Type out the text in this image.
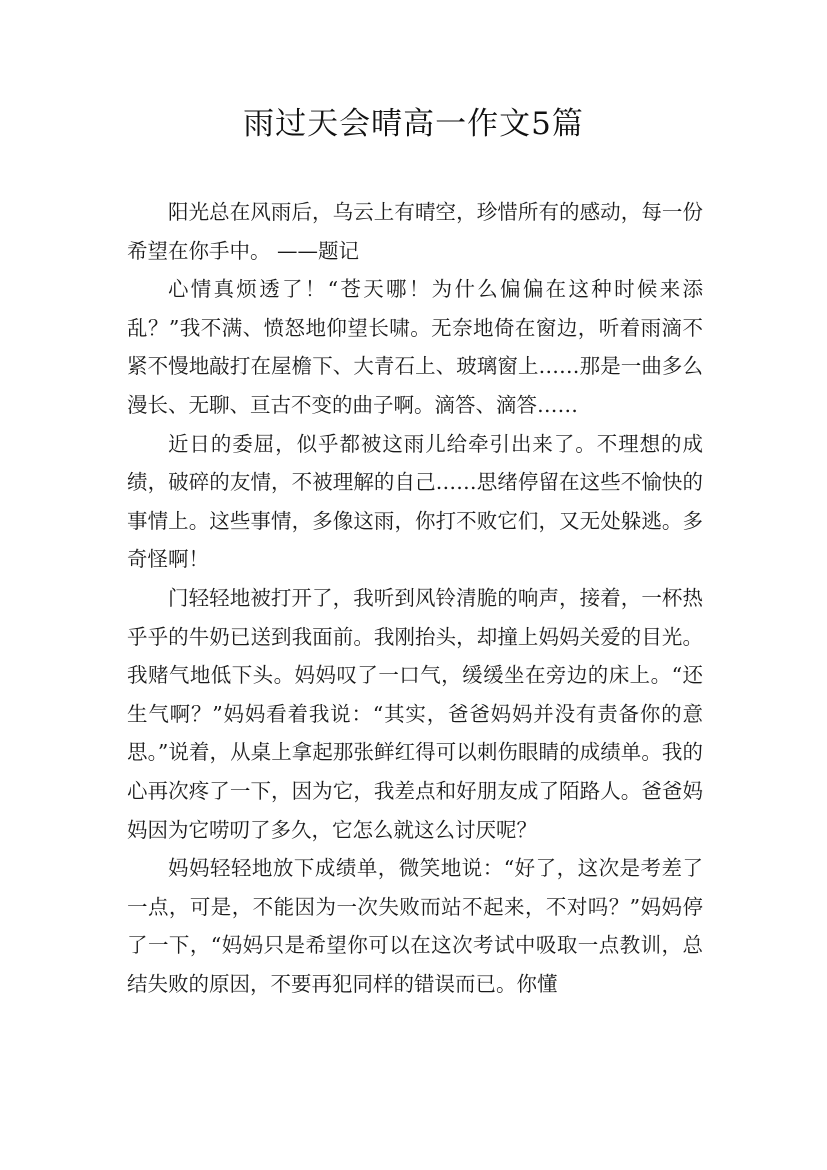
雨过天会晴高一作文5篇

阳光总在风雨后，乌云上有晴空，珍惜所有的感动，每一份希望在你手中。 ——题记

心情真烦透了！“苍天哪！为什么偏偏在这种时候来添乱？”我不满、愤怒地仰望长啸。无奈地倚在窗边，听着雨滴不紧不慢地敲打在屋檐下、大青石上、玻璃窗上……那是一曲多么漫长、无聊、亘古不变的曲子啊。滴答、滴答……

近日的委屈，似乎都被这雨儿给牵引出来了。不理想的成绩，破碎的友情，不被理解的自己……思绪停留在这些不愉快的事情上。这些事情，多像这雨，你打不败它们，又无处躲逃。多奇怪啊！

门轻轻地被打开了，我听到风铃清脆的响声，接着，一杯热乎乎的牛奶已送到我面前。我刚抬头，却撞上妈妈关爱的目光。我赌气地低下头。妈妈叹了一口气，缓缓坐在旁边的床上。“还生气啊？”妈妈看着我说：“其实，爸爸妈妈并没有责备你的意思。”说着，从桌上拿起那张鲜红得可以刺伤眼睛的成绩单。我的心再次疼了一下，因为它，我差点和好朋友成了陌路人。爸爸妈妈因为它唠叨了多久，它怎么就这么讨厌呢？

妈妈轻轻地放下成绩单，微笑地说：“好了，这次是考差了一点，可是，不能因为一次失败而站不起来，不对吗？”妈妈停了一下，“妈妈只是希望你可以在这次考试中吸取一点教训，总结失败的原因，不要再犯同样的错误而已。你懂
